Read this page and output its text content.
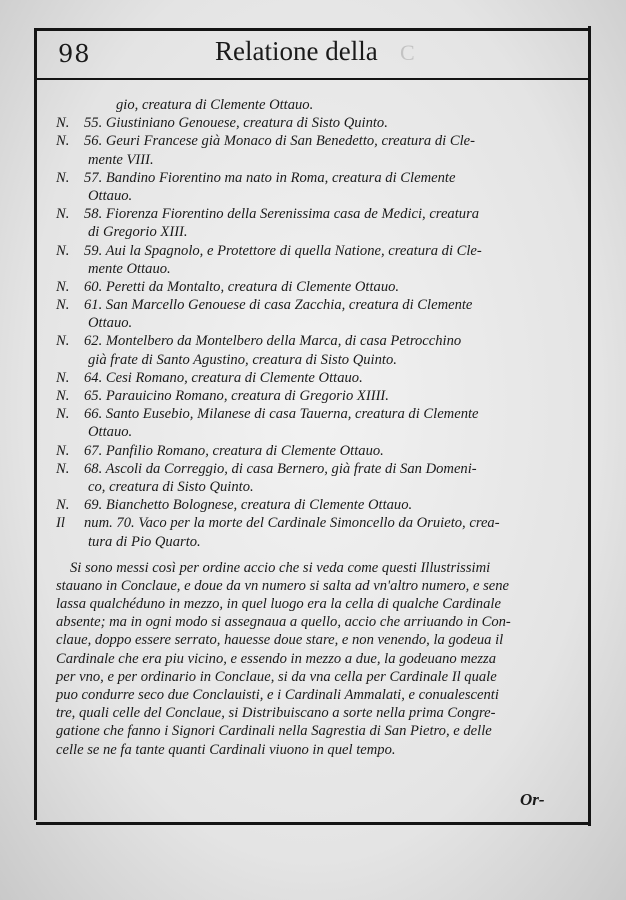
98	Relatione della C
gio, creatura di Clemente Ottauo.
N. 55. Giustiniano Genouese, creatura di Sisto Quinto.
N. 56. Geuri Francese già Monaco di San Benedetto, creatura di Cle-
mente VIII.
N. 57. Bandino Fiorentino ma nato in Roma, creatura di Clemente
Ottauo.
N. 58. Fiorenza Fiorentino della Serenissima casa de Medici, creatura
di Gregorio XIII.
N. 59. Aui la Spagnolo, e Protettore di quella Natione, creatura di Cle-
mente Ottauo.
N. 60. Peretti da Montalto, creatura di Clemente Ottauo.
N. 61. San Marcello Genouese di casa Zacchia, creatura di Clemente
Ottauo.
N. 62. Montelbero da Montelbero della Marca, di casa Petrocchino
già frate di Santo Agustino, creatura di Sisto Quinto.
N. 64. Cesi Romano, creatura di Clemente Ottauo.
N. 65. Parauicino Romano, creatura di Gregorio XIIII.
N. 66. Santo Eusebio, Milanese di casa Tauerna, creatura di Clemente
Ottauo.
N. 67. Panfilio Romano, creatura di Clemente Ottauo.
N. 68. Ascoli da Correggio, di casa Bernero, già frate di San Domeni-
co, creatura di Sisto Quinto.
N. 69. Bianchetto Bolognese, creatura di Clemente Ottauo.
Il num. 70. Vaco per la morte del Cardinale Simoncello da Oruieto, crea-
tura di Pio Quarto.
Si sono messi così per ordine accio che si veda come questi Illustrissimi
stauano in Conclaue, e doue da vn numero si salta ad vn'altro numero, e sene
lassa qualchéduno in mezzo, in quel luogo era la cella di qualche Cardinale
absente; ma in ogni modo si assegnaua a quello, accio che arriuando in Con-
clаue, doppo essere serrato, hauesse doue stare, e non venendo, la godeua il
Cardinale che era piu vicino, e essendo in mezzo a due, la godeuano mezza
per vno, e per ordinario in Conclaue, si da vna cella per Cardinale Il quale
puo condurre seco due Conclauisti, e i Cardinali Ammalati, e conualescenti
tre, quali celle del Conclaue, si Distribuiscano a sorte nella prima Congre-
gatione che fanno i Signori Cardinali nella Sagrestia di San Pietro, e delle
celle se ne fa tante quanti Cardinali viuono in quel tempo.
Or-
